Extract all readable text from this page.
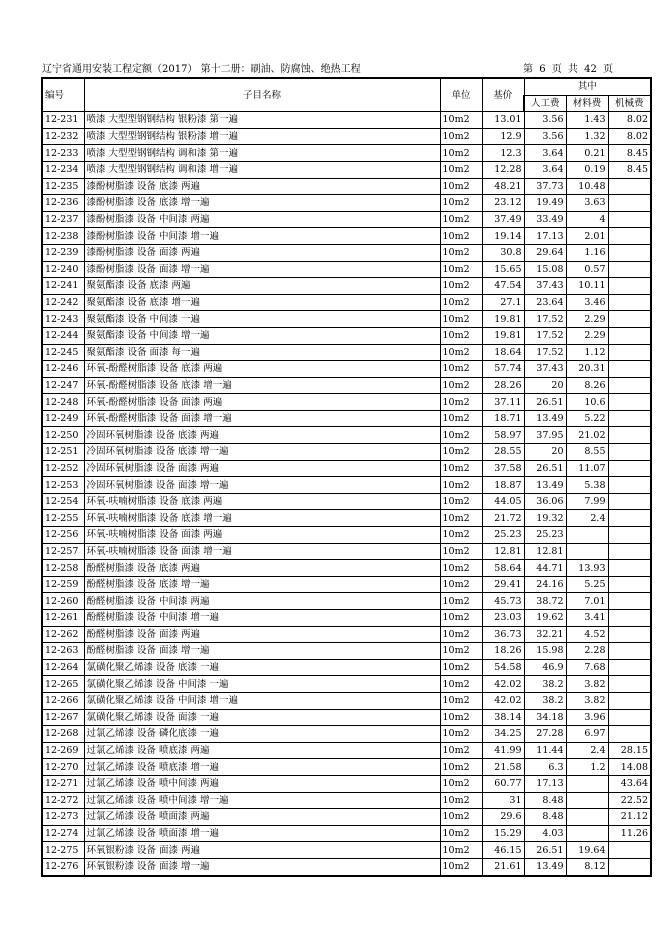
辽宁省通用安装工程定额（2017） 第十二册：刷油、防腐蚀、绝热工程	第 6 页 共 42 页
编号	子目名称	单位	基价	其中		
				人工费	材料费	机械费
12-231	喷漆 大型型钢钢结构 银粉漆 第一遍	10m2	13.01	3.56	1.43	8.02
12-232	喷漆 大型型钢钢结构 银粉漆 增一遍	10m2	12.9	3.56	1.32	8.02
12-233	喷漆 大型型钢钢结构 调和漆 第一遍	10m2	12.3	3.64	0.21	8.45
12-234	喷漆 大型型钢钢结构 调和漆 增一遍	10m2	12.28	3.64	0.19	8.45
12-235	漆酚树脂漆 设备 底漆 两遍	10m2	48.21	37.73	10.48	
12-236	漆酚树脂漆 设备 底漆 增一遍	10m2	23.12	19.49	3.63	
12-237	漆酚树脂漆 设备 中间漆 两遍	10m2	37.49	33.49	4	
12-238	漆酚树脂漆 设备 中间漆 增一遍	10m2	19.14	17.13	2.01	
12-239	漆酚树脂漆 设备 面漆 两遍	10m2	30.8	29.64	1.16	
12-240	漆酚树脂漆 设备 面漆 增一遍	10m2	15.65	15.08	0.57	
12-241	聚氨酯漆 设备 底漆 两遍	10m2	47.54	37.43	10.11	
12-242	聚氨酯漆 设备 底漆 增一遍	10m2	27.1	23.64	3.46	
12-243	聚氨酯漆 设备 中间漆 一遍	10m2	19.81	17.52	2.29	
12-244	聚氨酯漆 设备 中间漆 增一遍	10m2	19.81	17.52	2.29	
12-245	聚氨酯漆 设备 面漆 每一遍	10m2	18.64	17.52	1.12	
12-246	环氧-酚醛树脂漆 设备 底漆 两遍	10m2	57.74	37.43	20.31	
12-247	环氧-酚醛树脂漆 设备 底漆 增一遍	10m2	28.26	20	8.26	
12-248	环氧-酚醛树脂漆 设备 面漆 两遍	10m2	37.11	26.51	10.6	
12-249	环氧-酚醛树脂漆 设备 面漆 增一遍	10m2	18.71	13.49	5.22	
12-250	冷固环氧树脂漆 设备 底漆 两遍	10m2	58.97	37.95	21.02	
12-251	冷固环氧树脂漆 设备 底漆 增一遍	10m2	28.55	20	8.55	
12-252	冷固环氧树脂漆 设备 面漆 两遍	10m2	37.58	26.51	11.07	
12-253	冷固环氧树脂漆 设备 面漆 增一遍	10m2	18.87	13.49	5.38	
12-254	环氧-呋喃树脂漆 设备 底漆 两遍	10m2	44.05	36.06	7.99	
12-255	环氧-呋喃树脂漆 设备 底漆 增一遍	10m2	21.72	19.32	2.4	
12-256	环氧-呋喃树脂漆 设备 面漆 两遍	10m2	25.23	25.23		
12-257	环氧-呋喃树脂漆 设备 面漆 增一遍	10m2	12.81	12.81		
12-258	酚醛树脂漆 设备 底漆 两遍	10m2	58.64	44.71	13.93	
12-259	酚醛树脂漆 设备 底漆 增一遍	10m2	29.41	24.16	5.25	
12-260	酚醛树脂漆 设备 中间漆 两遍	10m2	45.73	38.72	7.01	
12-261	酚醛树脂漆 设备 中间漆 增一遍	10m2	23.03	19.62	3.41	
12-262	酚醛树脂漆 设备 面漆 两遍	10m2	36.73	32.21	4.52	
12-263	酚醛树脂漆 设备 面漆 增一遍	10m2	18.26	15.98	2.28	
12-264	氯磺化聚乙烯漆 设备 底漆 一遍	10m2	54.58	46.9	7.68	
12-265	氯磺化聚乙烯漆 设备 中间漆 一遍	10m2	42.02	38.2	3.82	
12-266	氯磺化聚乙烯漆 设备 中间漆 增一遍	10m2	42.02	38.2	3.82	
12-267	氯磺化聚乙烯漆 设备 面漆 一遍	10m2	38.14	34.18	3.96	
12-268	过氯乙烯漆 设备 磷化底漆 一遍	10m2	34.25	27.28	6.97	
12-269	过氯乙烯漆 设备 喷底漆 两遍	10m2	41.99	11.44	2.4	28.15
12-270	过氯乙烯漆 设备 喷底漆 增一遍	10m2	21.58	6.3	1.2	14.08
12-271	过氯乙烯漆 设备 喷中间漆 两遍	10m2	60.77	17.13		43.64
12-272	过氯乙烯漆 设备 喷中间漆 增一遍	10m2	31	8.48		22.52
12-273	过氯乙烯漆 设备 喷面漆 两遍	10m2	29.6	8.48		21.12
12-274	过氯乙烯漆 设备 喷面漆 增一遍	10m2	15.29	4.03		11.26
12-275	环氧银粉漆 设备 面漆 两遍	10m2	46.15	26.51	19.64	
12-276	环氧银粉漆 设备 面漆 增一遍	10m2	21.61	13.49	8.12	
